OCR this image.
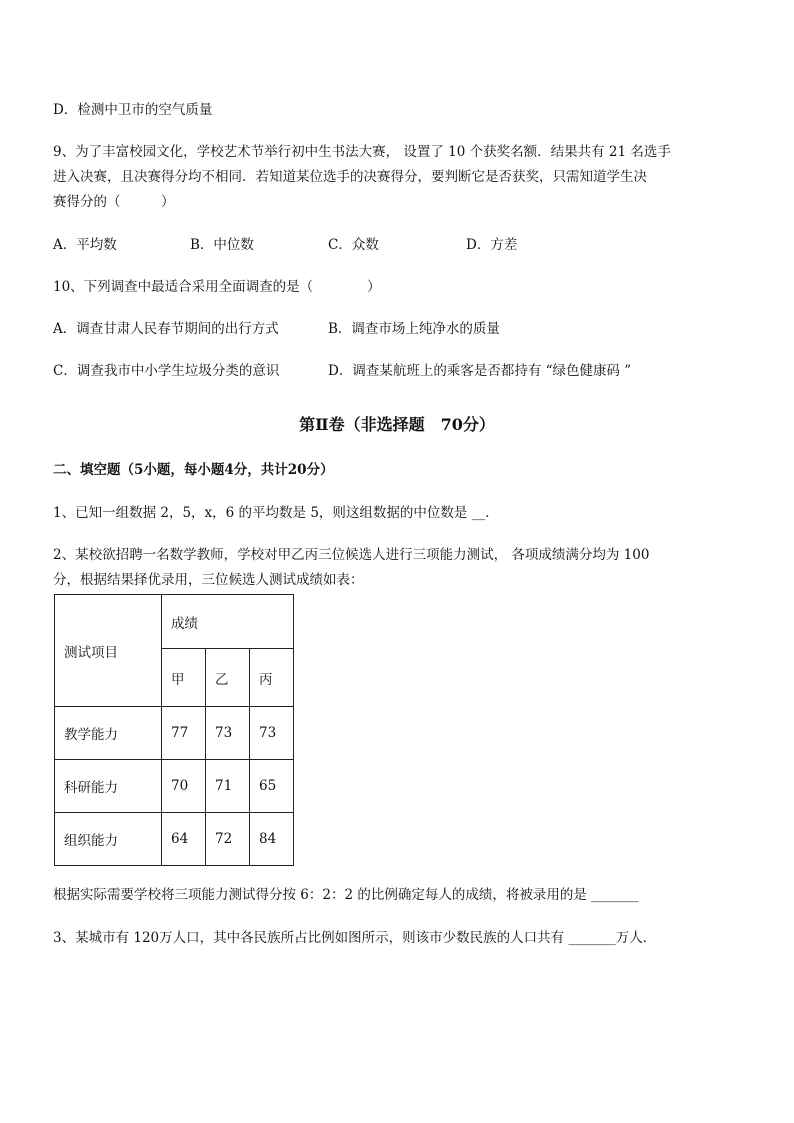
D．检测中卫市的空气质量
9、为了丰富校园文化，学校艺术节举行初中生书法大赛， 设置了 10 个获奖名额．结果共有 21 名选手
进入决赛，且决赛得分均不相同．若知道某位选手的决赛得分，要判断它是否获奖，只需知道学生决
赛得分的（　　　）
A．平均数	B．中位数	C．众数	D．方差
10、下列调查中最适合采用全面调查的是（　　　　）
A．调查甘肃人民春节期间的出行方式	B．调查市场上纯净水的质量
C．调查我市中小学生垃圾分类的意识	D．调查某航班上的乘客是否都持有 “绿色健康码 ”
第Ⅱ卷（非选择题　70分）
二、填空题（5小题，每小题4分，共计20分）
1、已知一组数据 2，5，x，6 的平均数是 5，则这组数据的中位数是 __．
2、某校欲招聘一名数学教师，学校对甲乙丙三位候选人进行三项能力测试， 各项成绩满分均为 100
分，根据结果择优录用，三位候选人测试成绩如表：
测试项目	成绩		
	甲	乙	丙
教学能力	77	73	73
科研能力	70	71	65
组织能力	64	72	84
根据实际需要学校将三项能力测试得分按 6：2：2 的比例确定每人的成绩，将被录用的是 _______
3、某城市有 120万人口，其中各民族所占比例如图所示，则该市少数民族的人口共有 _______万人．
